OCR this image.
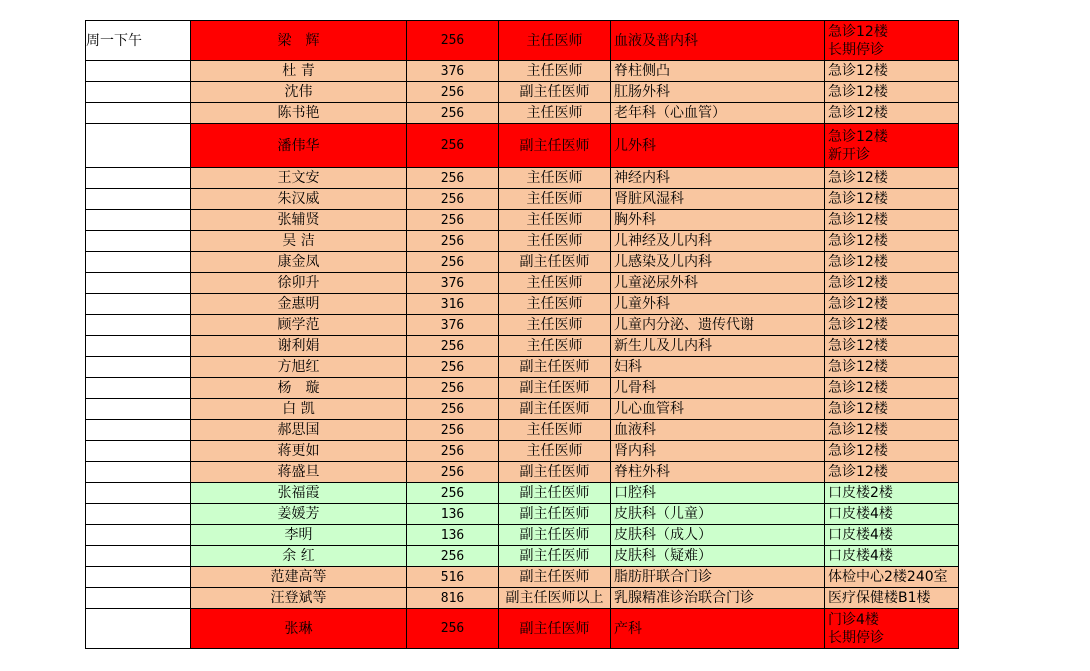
周一下午	梁　辉	256	主任医师	血液及普内科	急诊12楼
长期停诊

	杜 青	376	主任医师	脊柱侧凸	急诊12楼

	沈伟	256	副主任医师	肛肠外科	急诊12楼

	陈书艳	256	主任医师	老年科（心血管）	急诊12楼

	潘伟华	256	副主任医师	儿外科	急诊12楼
新开诊

	王文安	256	主任医师	神经内科	急诊12楼

	朱汉威	256	主任医师	肾脏风湿科	急诊12楼

	张辅贤	256	主任医师	胸外科	急诊12楼

	吴 洁	256	主任医师	儿神经及儿内科	急诊12楼

	康金凤	256	副主任医师	儿感染及儿内科	急诊12楼

	徐卯升	376	主任医师	儿童泌尿外科	急诊12楼

	金惠明	316	主任医师	儿童外科	急诊12楼

	顾学范	376	主任医师	儿童内分泌、遗传代谢	急诊12楼

	谢利娟	256	主任医师	新生儿及儿内科	急诊12楼

	方旭红	256	副主任医师	妇科	急诊12楼

	杨　璇	256	副主任医师	儿骨科	急诊12楼

	白 凯	256	副主任医师	儿心血管科	急诊12楼

	郝思国	256	主任医师	血液科	急诊12楼

	蒋更如	256	主任医师	肾内科	急诊12楼

	蒋盛旦	256	副主任医师	脊柱外科	急诊12楼

	张福霞	256	副主任医师	口腔科	口皮楼2楼

	姜媛芳	136	副主任医师	皮肤科（儿童）	口皮楼4楼

	李明	136	副主任医师	皮肤科（成人）	口皮楼4楼

	余 红	256	副主任医师	皮肤科（疑难）	口皮楼4楼

	范建高等	516	副主任医师	脂肪肝联合门诊	体检中心2楼240室

	汪登斌等	816	副主任医师以上	乳腺精准诊治联合门诊	医疗保健楼B1楼

	张琳	256	副主任医师	产科	门诊4楼
长期停诊
